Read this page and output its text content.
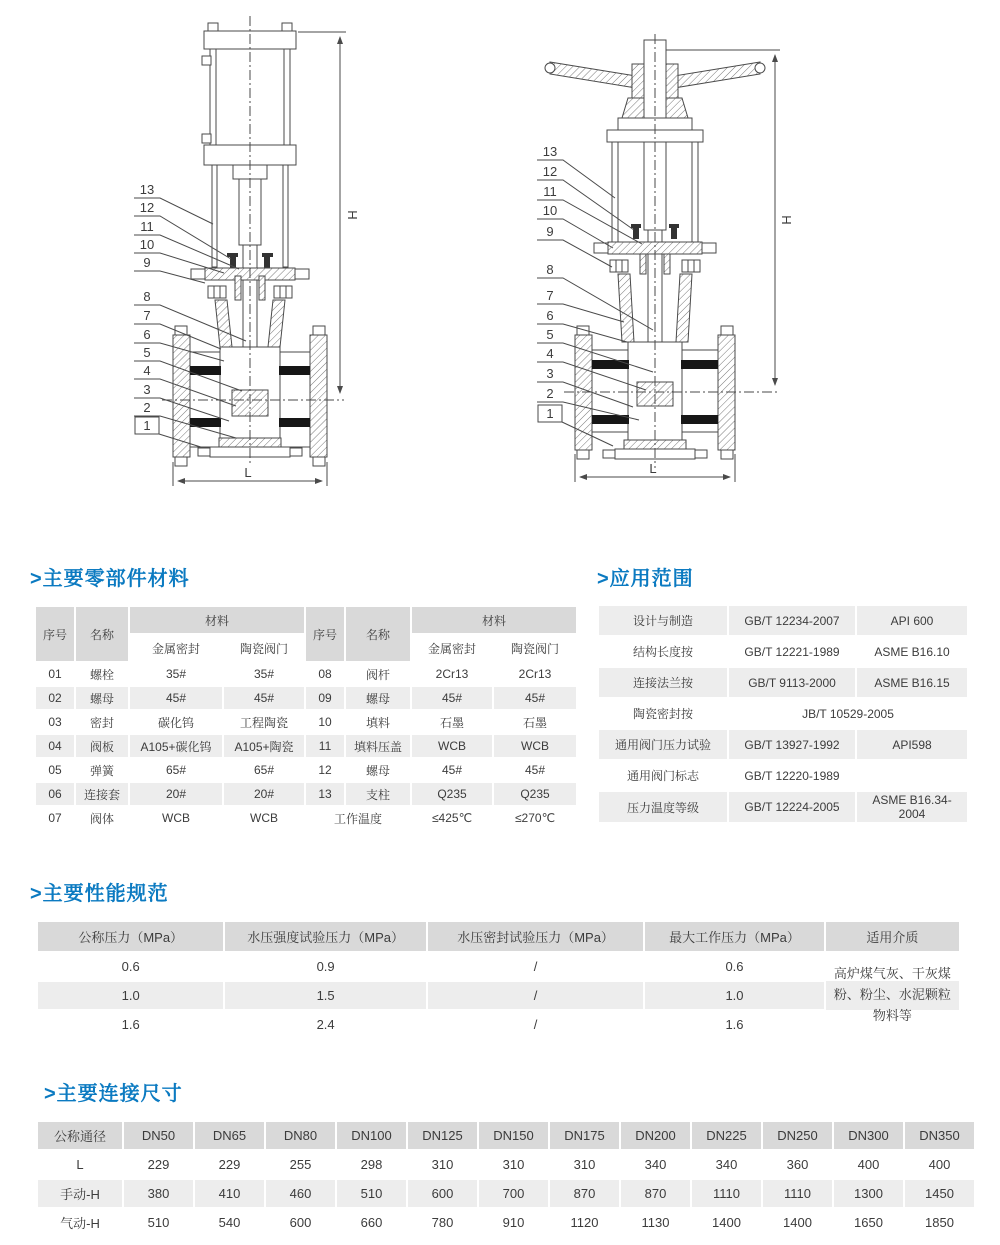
H
L
13
12
11
10
9
8
7
6
5
4
3
2
1
H
L
13
12
11
10
9
8
7
6
5
4
3
2
1
>主要零部件材料	>应用范围
>主要性能规范
>主要连接尺寸
序号	名称	材料		序号	名称	材料	
		金属密封	陶瓷阀门			金属密封	陶瓷阀门
01	螺栓	35#	35#	08	阀杆	2Cr13	2Cr13
02	螺母	45#	45#	09	螺母	45#	45#
03	密封	碳化钨	工程陶瓷	10	填料	石墨	石墨
04	阀板	A105+碳化钨	A105+陶瓷	11	填料压盖	WCB	WCB
05	弹簧	65#	65#	12	螺母	45#	45#
06	连接套	20#	20#	13	支柱	Q235	Q235
07	阀体	WCB	WCB	工作温度		≤425℃	≤270℃
设计与制造	GB/T 12234-2007	API 600
结构长度按	GB/T 12221-1989	ASME B16.10
连接法兰按	GB/T 9113-2000	ASME B16.15
陶瓷密封按	JB/T 10529-2005	
通用阀门压力试验	GB/T 13927-1992	API598
通用阀门标志	GB/T 12220-1989	
压力温度等级	GB/T 12224-2005	ASME B16.34-2004
公称压力（MPa）	水压强度试验压力（MPa）	水压密封试验压力（MPa）	最大工作压力（MPa）	适用介质
0.6	0.9	/	0.6	高炉煤气灰、干灰煤粉、粉尘、水泥颗粒物料等
1.0	1.5	/	1.0	
1.6	2.4	/	1.6	
公称通径	DN50	DN65	DN80	DN100	DN125	DN150	DN175	DN200	DN225	DN250	DN300	DN350
L	229	229	255	298	310	310	310	340	340	360	400	400
手动-H	380	410	460	510	600	700	870	870	1110	1110	1300	1450
气动-H	510	540	600	660	780	910	1120	1130	1400	1400	1650	1850
